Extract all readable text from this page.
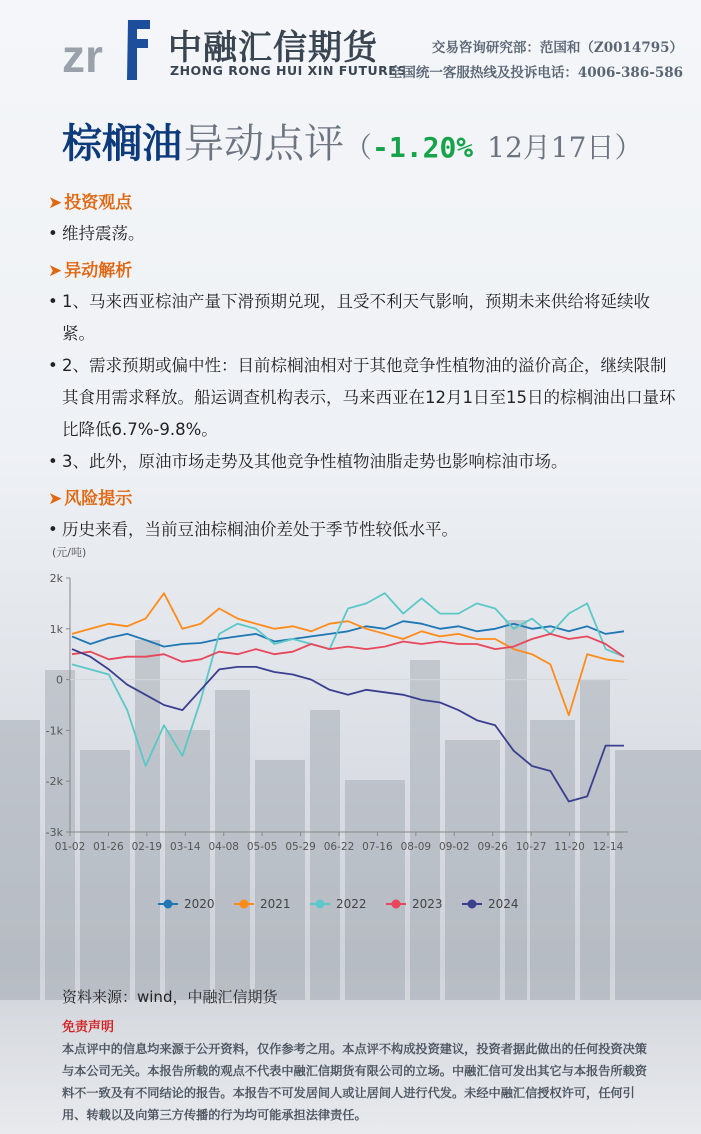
zr 中融汇信期货
ZHONG RONG HUI XIN FUTURES
交易咨询研究部：范国和（Z0014795）
全国统一客服热线及投诉电话：4006-386-586
棕榈油异动点评（-1.20% 12月17日）
➤ 投资观点
• 维持震荡。
➤ 异动解析
• 1、马来西亚棕油产量下滑预期兑现，且受不利天气影响，预期未来供给将延续收紧。
• 2、需求预期或偏中性：目前棕榈油相对于其他竞争性植物油的溢价高企，继续限制其食用需求释放。船运调查机构表示，马来西亚在12月1日至15日的棕榈油出口量环比降低6.7%-9.8%。
• 3、此外，原油市场走势及其他竞争性植物油脂走势也影响棕油市场。
➤ 风险提示
• 历史来看，当前豆油棕榈油价差处于季节性较低水平。
(元/吨)
2k
1k
0
-1k
-2k
-3k
01-02 01-26 02-19 03-14 04-08 05-05 05-29 06-22 07-16 08-09 09-02 09-26 10-27 11-20 12-14
2020	2021	2022	2023	2024
资料来源：wind，中融汇信期货
免责声明
本点评中的信息均来源于公开资料，仅作参考之用。本点评不构成投资建议，投资者据此做出的任何投资决策与本公司无关。本报告所载的观点不代表中融汇信期货有限公司的立场。中融汇信可发出其它与本报告所载资料不一致及有不同结论的报告。本报告不可发居间人或让居间人进行代发。未经中融汇信授权许可，任何引用、转载以及向第三方传播的行为均可能承担法律责任。
